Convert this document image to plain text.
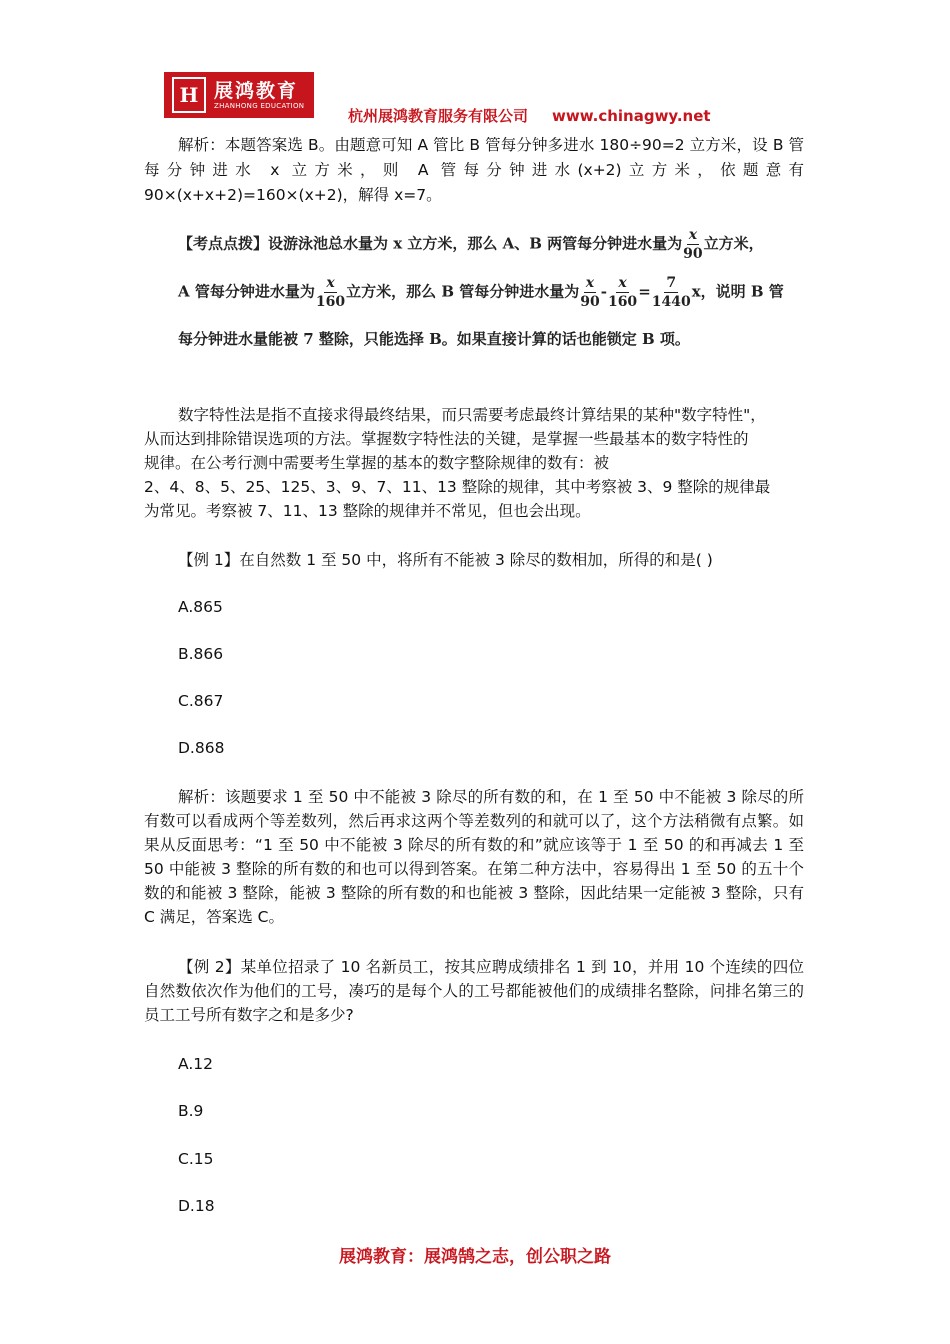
H 展鸿教育
ZHANHONG EDUCATION
杭州展鸿教育服务有限公司 www.chinagwy.net
解析：本题答案选 B。由题意可知 A 管比 B 管每分钟多进水 180÷90=2 立方米，设 B 管每分钟进水 x 立方米，则 A 管每分钟进水(x+2)立方米，依题意有 90×(x+x+2)=160×(x+2)，解得 x=7。
【考点点拨】设游泳池总水量为 x 立方米，那么 A、B 两管每分钟进水量为 $\frac{x}{90}$ 立方米，
A 管每分钟进水量为 $\frac{x}{160}$ 立方米，那么 B 管每分钟进水量为 $\frac{x}{90} - \frac{x}{160} = \frac{7}{1440}$ x，说明 B 管
每分钟进水量能被 7 整除，只能选择 B。如果直接计算的话也能锁定 B 项。
数字特性法是指不直接求得最终结果，而只需要考虑最终计算结果的某种"数字特性"，
从而达到排除错误选项的方法。掌握数字特性法的关键，是掌握一些最基本的数字特性的
规律。在公考行测中需要考生掌握的基本的数字整除规律的数有：被
2、4、8、5、25、125、3、9、7、11、13 整除的规律，其中考察被 3、9 整除的规律最
为常见。考察被 7、11、13 整除的规律并不常见，但也会出现。
【例 1】在自然数 1 至 50 中，将所有不能被 3 除尽的数相加，所得的和是( )
A.865
B.866
C.867
D.868
解析：该题要求 1 至 50 中不能被 3 除尽的所有数的和，在 1 至 50 中不能被 3 除尽的所有数可以看成两个等差数列，然后再求这两个等差数列的和就可以了，这个方法稍微有点繁。如果从反面思考：“1 至 50 中不能被 3 除尽的所有数的和”就应该等于 1 至 50 的和再减去 1 至 50 中能被 3 整除的所有数的和也可以得到答案。在第二种方法中，容易得出 1 至 50 的五十个数的和能被 3 整除，能被 3 整除的所有数的和也能被 3 整除，因此结果一定能被 3 整除，只有 C 满足，答案选 C。
【例 2】某单位招录了 10 名新员工，按其应聘成绩排名 1 到 10，并用 10 个连续的四位自然数依次作为他们的工号，凑巧的是每个人的工号都能被他们的成绩排名整除，问排名第三的员工工号所有数字之和是多少?
A.12
B.9
C.15
D.18
展鸿教育：展鸿鹄之志，创公职之路
